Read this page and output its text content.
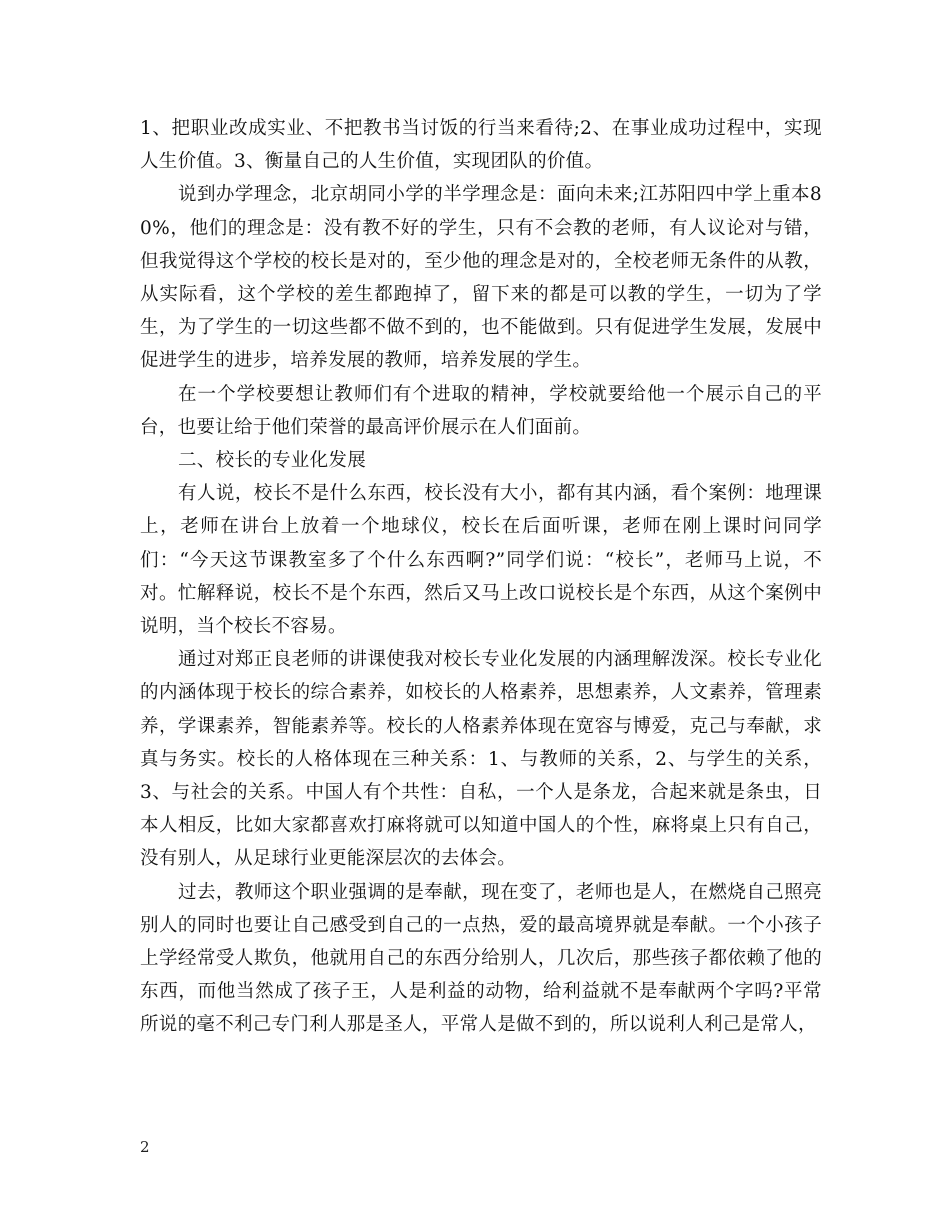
1、把职业改成实业、不把教书当讨饭的行当来看待;2、在事业成功过程中，实现人生价值。3、衡量自己的人生价值，实现团队的价值。

说到办学理念，北京胡同小学的半学理念是：面向未来;江苏阳四中学上重本80%，他们的理念是：没有教不好的学生，只有不会教的老师，有人议论对与错，但我觉得这个学校的校长是对的，至少他的理念是对的，全校老师无条件的从教，从实际看，这个学校的差生都跑掉了，留下来的都是可以教的学生，一切为了学生，为了学生的一切这些都不做不到的，也不能做到。只有促进学生发展，发展中促进学生的进步，培养发展的教师，培养发展的学生。

在一个学校要想让教师们有个进取的精神，学校就要给他一个展示自己的平台，也要让给于他们荣誉的最高评价展示在人们面前。

二、校长的专业化发展

有人说，校长不是什么东西，校长没有大小，都有其内涵，看个案例：地理课上，老师在讲台上放着一个地球仪，校长在后面听课，老师在刚上课时问同学们：“今天这节课教室多了个什么东西啊?”同学们说：“校长”，老师马上说，不对。忙解释说，校长不是个东西，然后又马上改口说校长是个东西，从这个案例中说明，当个校长不容易。

通过对郑正良老师的讲课使我对校长专业化发展的内涵理解泼深。校长专业化的内涵体现于校长的综合素养，如校长的人格素养，思想素养，人文素养，管理素养，学课素养，智能素养等。校长的人格素养体现在宽容与博爱，克己与奉献，求真与务实。校长的人格体现在三种关系：1、与教师的关系，2、与学生的关系，3、与社会的关系。中国人有个共性：自私，一个人是条龙，合起来就是条虫，日本人相反，比如大家都喜欢打麻将就可以知道中国人的个性，麻将桌上只有自己，没有别人，从足球行业更能深层次的去体会。

过去，教师这个职业强调的是奉献，现在变了，老师也是人，在燃烧自己照亮别人的同时也要让自己感受到自己的一点热，爱的最高境界就是奉献。一个小孩子上学经常受人欺负，他就用自己的东西分给别人，几次后，那些孩子都依赖了他的东西，而他当然成了孩子王，人是利益的动物，给利益就不是奉献两个字吗?平常所说的毫不利己专门利人那是圣人，平常人是做不到的，所以说利人利己是常人，

2
